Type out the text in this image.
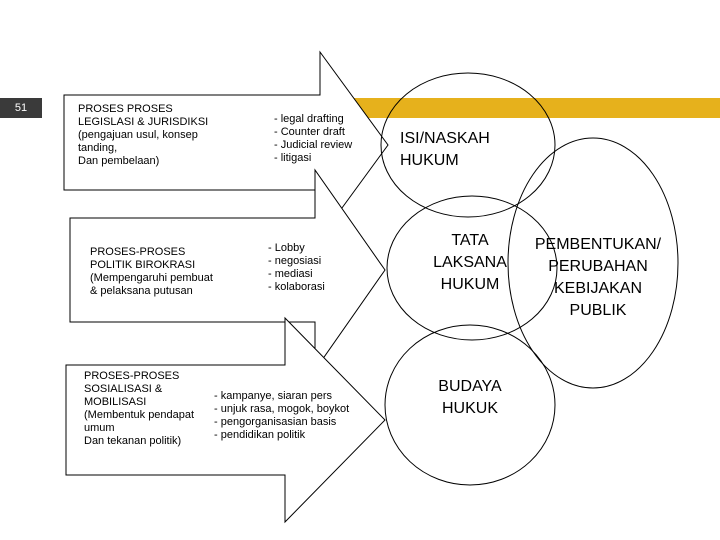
51	PROSES PROSES
LEGISLASI & JURISDIKSI
(pengajuan usul, konsep
tanding,
Dan pembelaan)
- legal drafting
- Counter draft
- Judicial review
- litigasi
PROSES-PROSES
POLITIK BIROKRASI
(Mempengaruhi pembuat
& pelaksana putusan
- Lobby
- negosiasi
- mediasi
- kolaborasi
PROSES-PROSES
SOSIALISASI &
MOBILISASI
(Membentuk pendapat
umum
Dan tekanan politik)
- kampanye, siaran pers
- unjuk rasa, mogok, boykot
- pengorganisasian basis
- pendidikan politik
ISI/NASKAH
HUKUM
TATA
LAKSANA
HUKUM
BUDAYA
HUKUK
PEMBENTUKAN/
PERUBAHAN
KEBIJAKAN
PUBLIK
